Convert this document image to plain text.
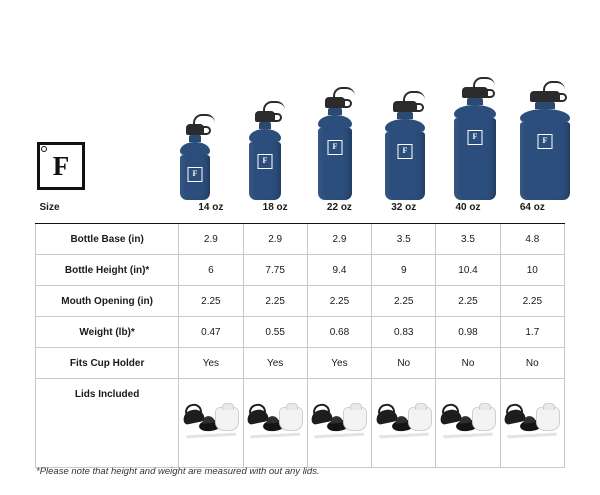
F
F
F	F
F	F
F
Size	14 oz	18 oz	22 oz	32 oz	40 oz	64 oz
Bottle Base (in)	2.9	2.9	2.9	3.5	3.5	4.8
Bottle Height (in)*	6	7.75	9.4	9	10.4	10
Mouth Opening (in)	2.25	2.25	2.25	2.25	2.25	2.25
Weight (lb)*	0.47	0.55	0.68	0.83	0.98	1.7
Fits Cup Holder	Yes	Yes	Yes	No	No	No
Lids Included	

*Please note that height and weight are measured with out any lids.
